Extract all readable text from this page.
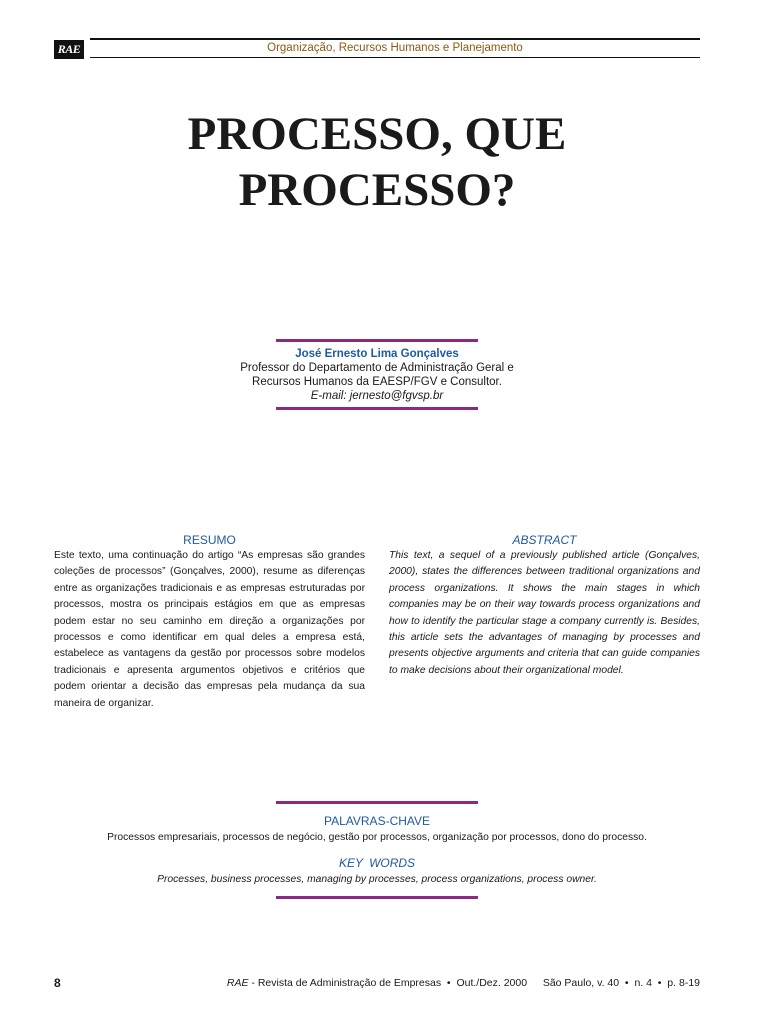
RAE	Organização, Recursos Humanos e Planejamento
PROCESSO, QUE
PROCESSO?
José Ernesto Lima Gonçalves
Professor do Departamento de Administração Geral e
Recursos Humanos da EAESP/FGV e Consultor.
E-mail: jernesto@fgvsp.br
RESUMO
Este texto, uma continuação do artigo “As empresas são grandes coleções de processos” (Gonçalves, 2000), resume as diferenças entre as organizações tradicionais e as empresas estruturadas por processos, mostra os principais estágios em que as empresas podem estar no seu caminho em direção a organizações por processos e como identificar em qual deles a empresa está, estabelece as vantagens da gestão por processos sobre modelos tradicionais e apresenta argumentos objetivos e critérios que podem orientar a decisão das empresas pela mudança da sua maneira de organizar.
ABSTRACT
This text, a sequel of a previously published article (Gonçalves, 2000), states the differences between traditional organizations and process organizations. It shows the main stages in which companies may be on their way towards process organizations and how to identify the particular stage a company currently is. Besides, this article sets the advantages of managing by processes and presents objective arguments and criteria that can guide companies to make decisions about their organizational model.
PALAVRAS-CHAVE
Processos empresariais, processos de negócio, gestão por processos, organização por processos, dono do processo.
KEY WORDS
Processes, business processes, managing by processes, process organizations, process owner.
8	RAE - Revista de Administração de Empresas  •  Out./Dez. 2000	São Paulo, v. 40  •  n. 4  •  p. 8-19
